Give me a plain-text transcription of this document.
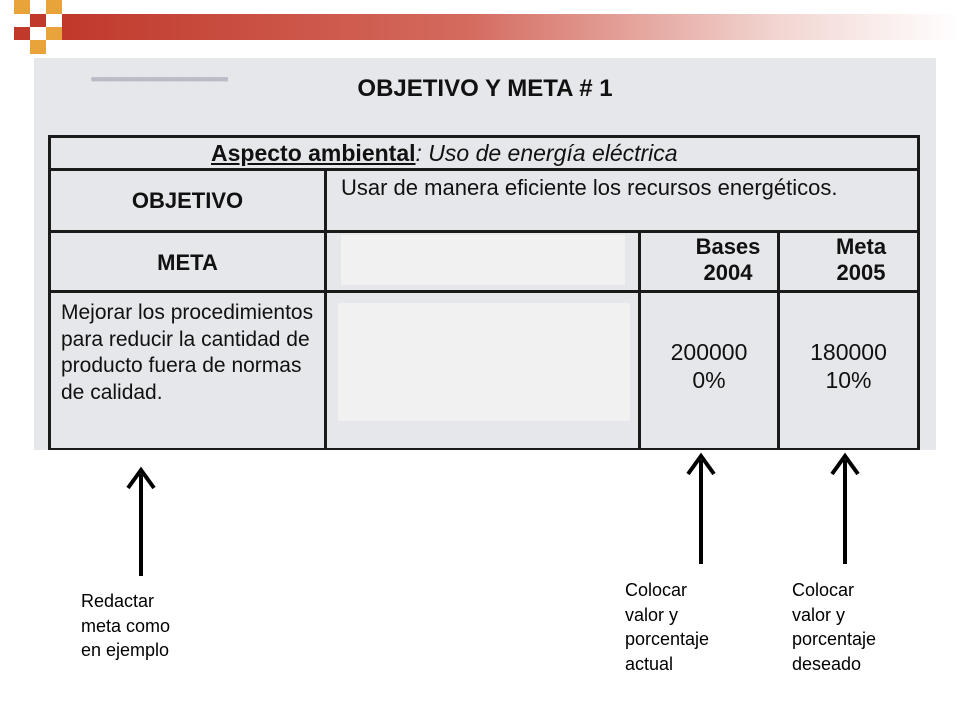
▔▔▔▔▔▔▔▔	OBJETIVO Y META # 1
Aspecto ambiental: Uso de energía eléctrica
OBJETIVO
Usar de manera eficiente los recursos energéticos.
META
Bases 2004
Meta 2005
Mejorar los procedimientos para reducir la cantidad de producto fuera de normas de calidad.
200000
0%
180000
10%
Redactar
meta como
en ejemplo
Colocar
valor y
porcentaje
actual
Colocar
valor y
porcentaje
deseado
